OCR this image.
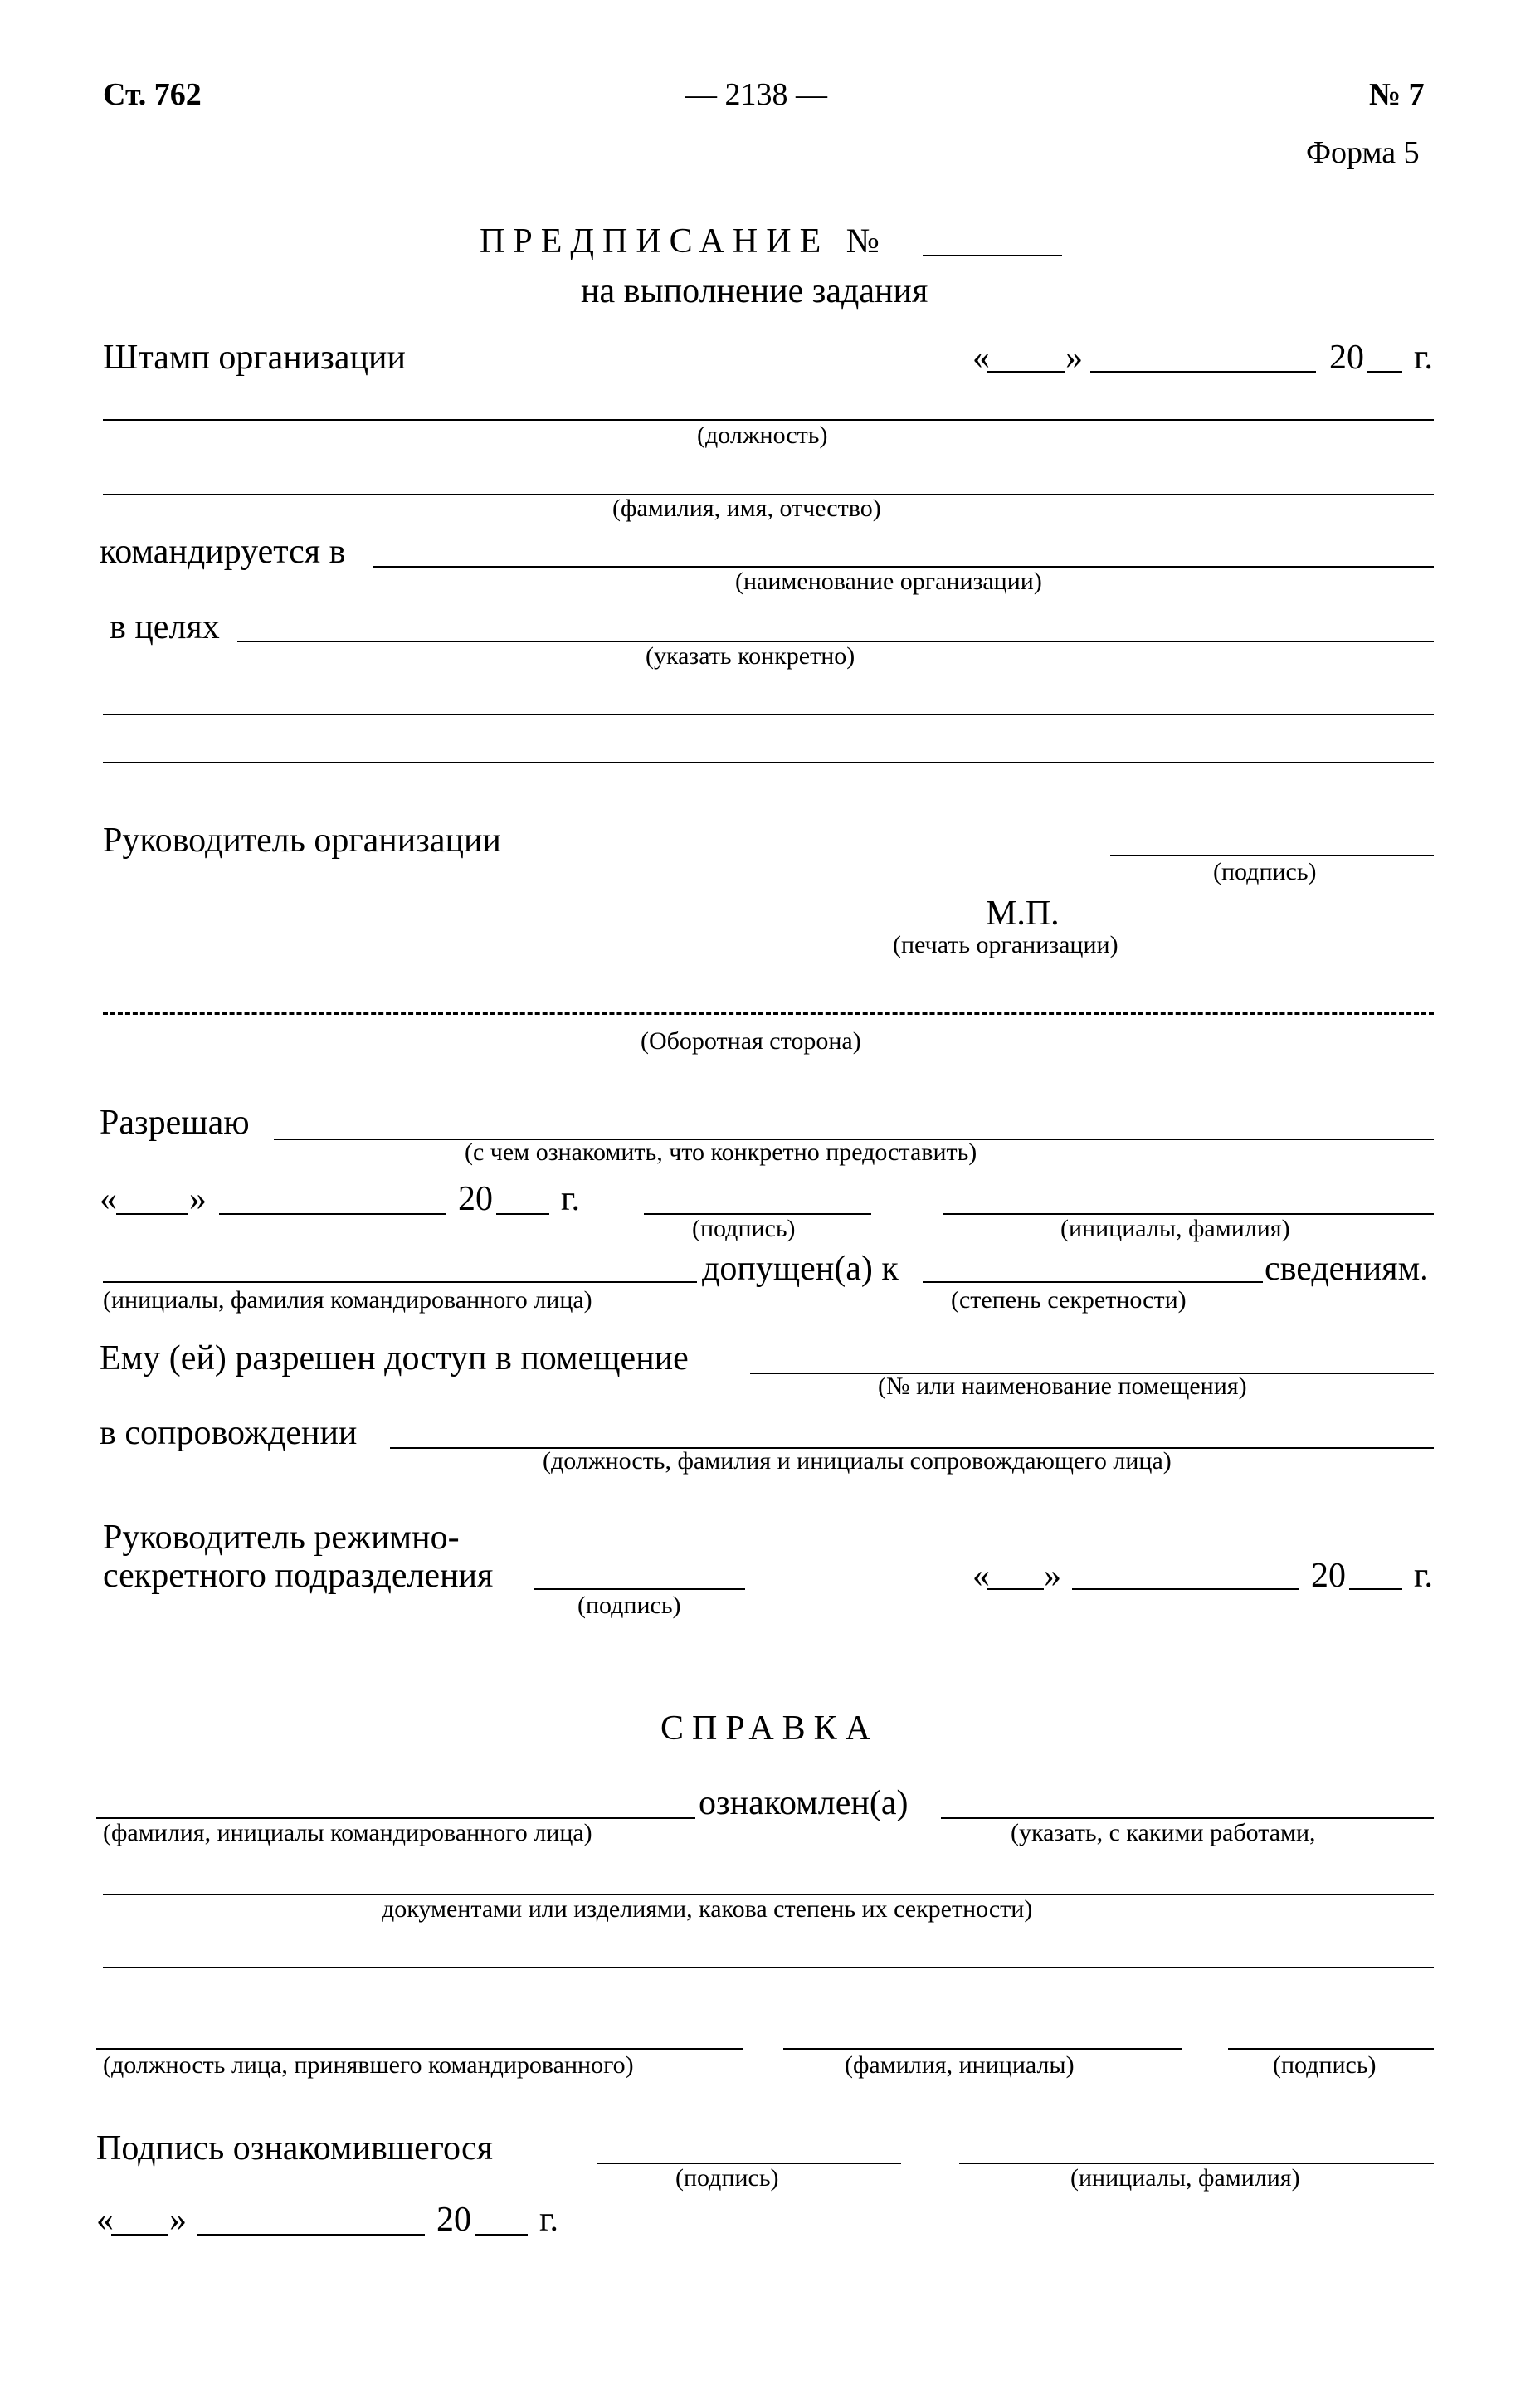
Ст. 762	— 2138 —	№ 7
Форма 5
ПРЕДПИСАНИЕ №
на выполнение задания
Штамп организации	« »	20 г.
(должность)
(фамилия, имя, отчество)
командируется в
(наименование организации)
в целях
(указать конкретно)
Руководитель организации
(подпись)
М.П.
(печать организации)
(Оборотная сторона)
Разрешаю
(с чем ознакомить, что конкретно предоставить)
« »	20 г.
(подпись)	(инициалы, фамилия)
допущен(а) к	сведениям.
(инициалы, фамилия командированного лица)	(степень секретности)
Ему (ей) разрешен доступ в помещение
(№ или наименование помещения)
в сопровождении
(должность, фамилия и инициалы сопровождающего лица)
Руководитель режимно-
секретного подразделения
(подпись)
« »	20 г.
СПРАВКА
ознакомлен(а)
(фамилия, инициалы командированного лица)	(указать, с какими работами,
документами или изделиями, какова степень их секретности)
(должность лица, принявшего командированного)	(фамилия, инициалы)	(подпись)
Подпись ознакомившегося
(подпись)	(инициалы, фамилия)
« »	20 г.
